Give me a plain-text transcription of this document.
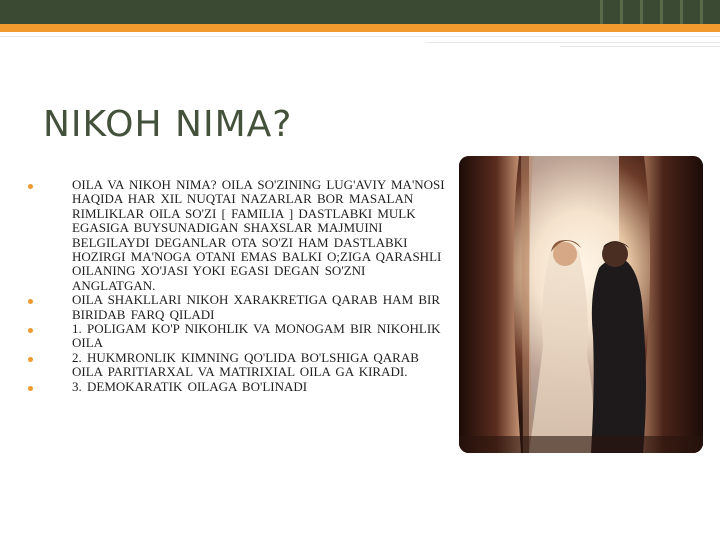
NIKOH NIMA?
OILA VA NIKOH NIMA? OILA SO'ZINING LUG'AVIY MA'NOSI HAQIDA HAR XIL NUQTAI NAZARLAR BOR MASALAN RIMLIKLAR OILA SO'ZI [ FAMILIA ] DASTLABKI MULK EGASIGA BUYSUNADIGAN SHAXSLAR MAJMUINI BELGILAYDI DEGANLAR OTA SO'ZI HAM DASTLABKI HOZIRGI MA'NOGA OTANI EMAS BALKI O;ZIGA QARASHLI OILANING XO'JASI YOKI EGASI DEGAN SO'ZNI ANGLATGAN.
OILA SHAKLLARI NIKOH XARAKRETIGA QARAB HAM BIR BIRIDAB FARQ QILADI
1. POLIGAM KO'P NIKOHLIK VA MONOGAM BIR NIKOHLIK OILA
2. HUKMRONLIK KIMNING QO'LIDA BO'LSHIGA QARAB OILA PARITIARXAL VA MATIRIXIAL OILA GA KIRADI.
3. DEMOKARATIK OILAGA BO'LINADI
